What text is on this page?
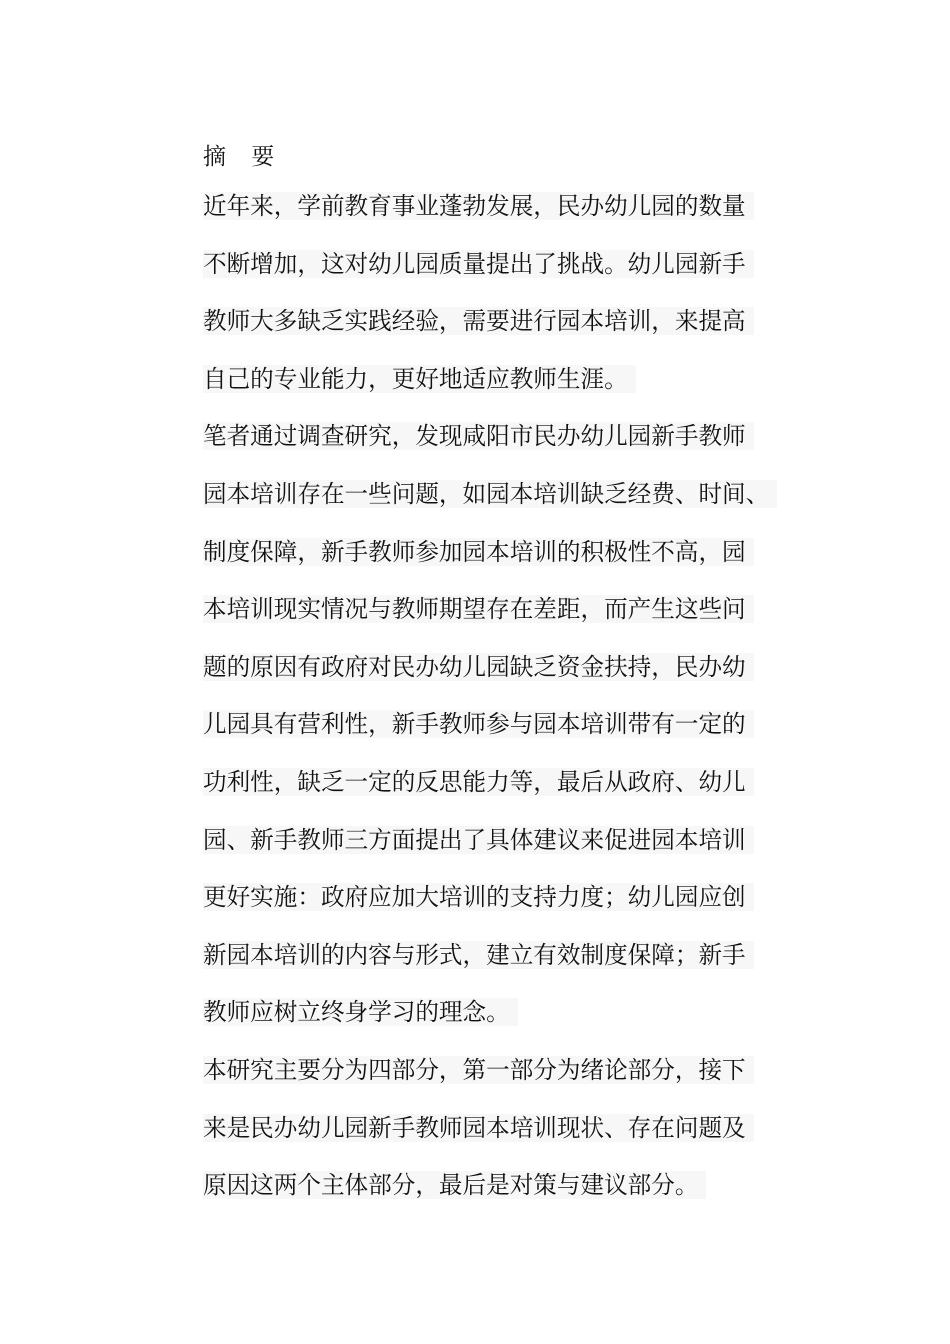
摘 要
近年来，学前教育事业蓬勃发展，民办幼儿园的数量
不断增加，这对幼儿园质量提出了挑战。幼儿园新手
教师大多缺乏实践经验，需要进行园本培训，来提高
自己的专业能力，更好地适应教师生涯。
笔者通过调查研究，发现咸阳市民办幼儿园新手教师
园本培训存在一些问题，如园本培训缺乏经费、时间、
制度保障，新手教师参加园本培训的积极性不高，园
本培训现实情况与教师期望存在差距，而产生这些问
题的原因有政府对民办幼儿园缺乏资金扶持，民办幼
儿园具有营利性，新手教师参与园本培训带有一定的
功利性，缺乏一定的反思能力等，最后从政府、幼儿
园、新手教师三方面提出了具体建议来促进园本培训
更好实施：政府应加大培训的支持力度；幼儿园应创
新园本培训的内容与形式，建立有效制度保障；新手
教师应树立终身学习的理念。
本研究主要分为四部分，第一部分为绪论部分，接下
来是民办幼儿园新手教师园本培训现状、存在问题及
原因这两个主体部分，最后是对策与建议部分。
